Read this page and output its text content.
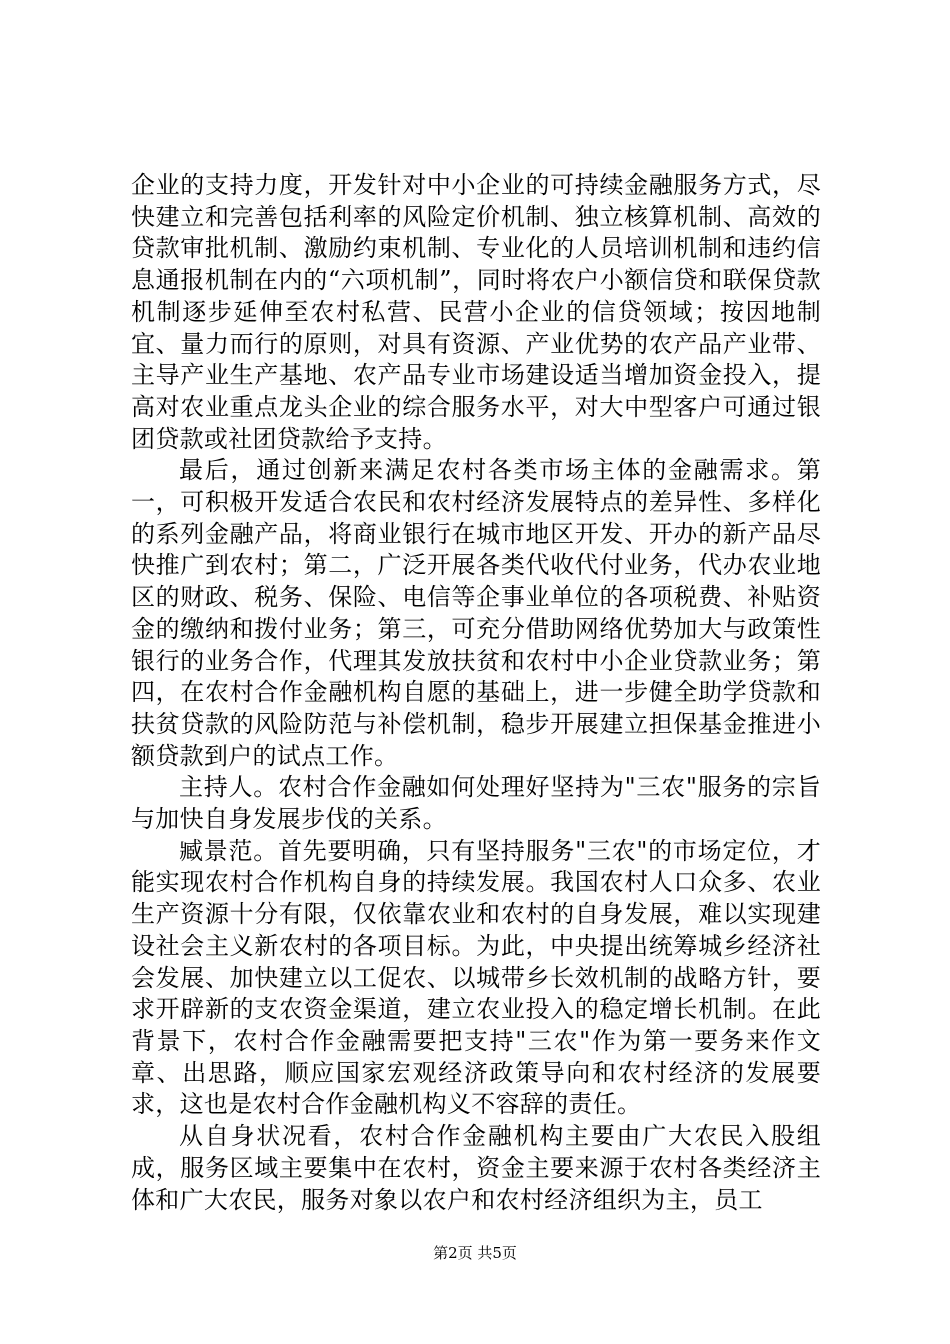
企业的支持力度，开发针对中小企业的可持续金融服务方式，尽快建立和完善包括利率的风险定价机制、独立核算机制、高效的贷款审批机制、激励约束机制、专业化的人员培训机制和违约信息通报机制在内的“六项机制”，同时将农户小额信贷和联保贷款机制逐步延伸至农村私营、民营小企业的信贷领域；按因地制宜、量力而行的原则，对具有资源、产业优势的农产品产业带、主导产业生产基地、农产品专业市场建设适当增加资金投入，提高对农业重点龙头企业的综合服务水平，对大中型客户可通过银团贷款或社团贷款给予支持。

最后，通过创新来满足农村各类市场主体的金融需求。第一，可积极开发适合农民和农村经济发展特点的差异性、多样化的系列金融产品，将商业银行在城市地区开发、开办的新产品尽快推广到农村；第二，广泛开展各类代收代付业务，代办农业地区的财政、税务、保险、电信等企事业单位的各项税费、补贴资金的缴纳和拨付业务；第三，可充分借助网络优势加大与政策性银行的业务合作，代理其发放扶贫和农村中小企业贷款业务；第四，在农村合作金融机构自愿的基础上，进一步健全助学贷款和扶贫贷款的风险防范与补偿机制，稳步开展建立担保基金推进小额贷款到户的试点工作。

主持人。农村合作金融如何处理好坚持为"三农"服务的宗旨与加快自身发展步伐的关系。

臧景范。首先要明确，只有坚持服务"三农"的市场定位，才能实现农村合作机构自身的持续发展。我国农村人口众多、农业生产资源十分有限，仅依靠农业和农村的自身发展，难以实现建设社会主义新农村的各项目标。为此，中央提出统筹城乡经济社会发展、加快建立以工促农、以城带乡长效机制的战略方针，要求开辟新的支农资金渠道，建立农业投入的稳定增长机制。在此背景下，农村合作金融需要把支持"三农"作为第一要务来作文章、出思路，顺应国家宏观经济政策导向和农村经济的发展要求，这也是农村合作金融机构义不容辞的责任。

从自身状况看，农村合作金融机构主要由广大农民入股组成，服务区域主要集中在农村，资金主要来源于农村各类经济主体和广大农民，服务对象以农户和农村经济组织为主，员工

第2页 共5页
